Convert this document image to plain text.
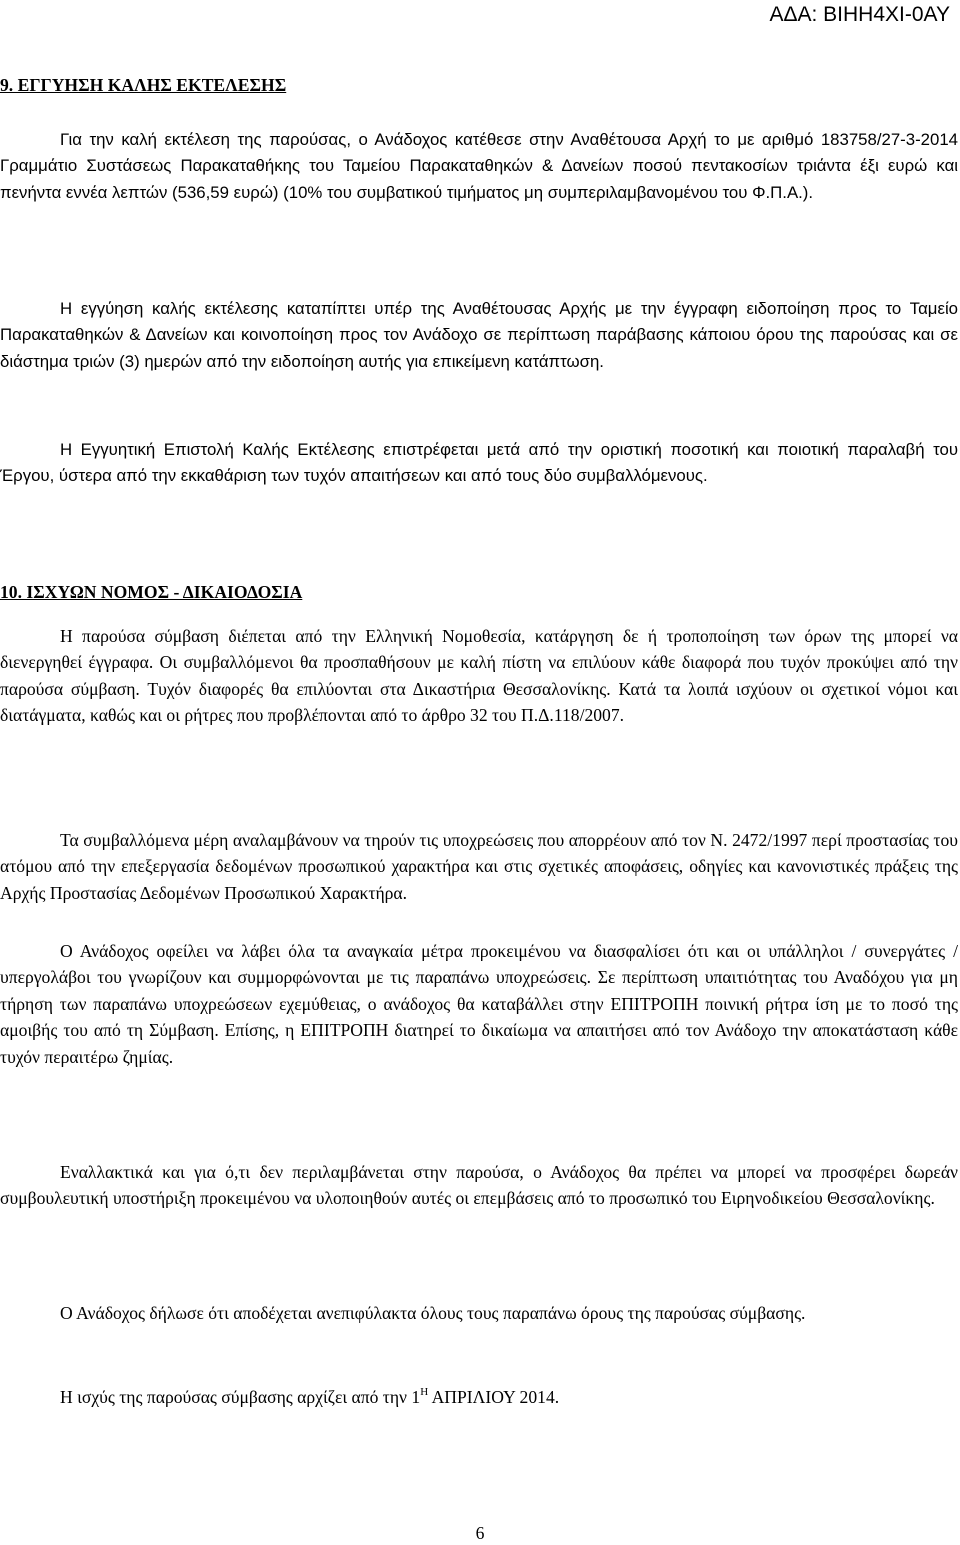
ΑΔΑ: ΒΙΗΗ4ΧΙ-0ΑΥ
9. ΕΓΓΥΗΣΗ ΚΑΛΗΣ ΕΚΤΕΛΕΣΗΣ

Για την καλή εκτέλεση της παρούσας, ο Ανάδοχος κατέθεσε στην Αναθέτουσα Αρχή το με αριθμό 183758/27-3-2014 Γραμμάτιο Συστάσεως Παρακαταθήκης του Ταμείου Παρακαταθηκών & Δανείων ποσού πεντακοσίων τριάντα έξι ευρώ και πενήντα εννέα λεπτών (536,59 ευρώ) (10% του συμβατικού τιμήματος μη συμπεριλαμβανομένου του Φ.Π.Α.).

Η εγγύηση καλής εκτέλεσης καταπίπτει υπέρ της Αναθέτουσας Αρχής με την έγγραφη ειδοποίηση προς το Ταμείο Παρακαταθηκών & Δανείων και κοινοποίηση προς τον Ανάδοχο σε περίπτωση παράβασης κάποιου όρου της παρούσας και σε διάστημα τριών (3) ημερών από την ειδοποίηση αυτής για επικείμενη κατάπτωση.

Η Εγγυητική Επιστολή Καλής Εκτέλεσης επιστρέφεται μετά από την οριστική ποσοτική και ποιοτική παραλαβή του Έργου, ύστερα από την εκκαθάριση των τυχόν απαιτήσεων και από τους δύο συμβαλλόμενους.

10. ΙΣΧΥΩΝ ΝΟΜΟΣ - ΔΙΚΑΙΟΔΟΣΙΑ

Η παρούσα σύμβαση διέπεται από την Ελληνική Νομοθεσία, κατάργηση δε ή τροποποίηση των όρων της μπορεί να διενεργηθεί έγγραφα. Οι συμβαλλόμενοι θα προσπαθήσουν με καλή πίστη να επιλύουν κάθε διαφορά που τυχόν προκύψει από την παρούσα σύμβαση. Τυχόν διαφορές θα επιλύονται στα Δικαστήρια Θεσσαλονίκης. Κατά τα λοιπά ισχύουν οι σχετικοί νόμοι και διατάγματα, καθώς και οι ρήτρες που προβλέπονται από το άρθρο 32 του Π.Δ.118/2007.

Τα συμβαλλόμενα μέρη αναλαμβάνουν να τηρούν τις υποχρεώσεις που απορρέουν από τον Ν. 2472/1997 περί προστασίας του ατόμου από την επεξεργασία δεδομένων προσωπικού χαρακτήρα και στις σχετικές αποφάσεις, οδηγίες και κανονιστικές πράξεις της Αρχής Προστασίας Δεδομένων Προσωπικού Χαρακτήρα.

Ο Ανάδοχος οφείλει να λάβει όλα τα αναγκαία μέτρα προκειμένου να διασφαλίσει ότι και οι υπάλληλοι / συνεργάτες / υπεργολάβοι του γνωρίζουν και συμμορφώνονται με τις παραπάνω υποχρεώσεις. Σε περίπτωση υπαιτιότητας του Αναδόχου για μη τήρηση των παραπάνω υποχρεώσεων εχεμύθειας, ο ανάδοχος θα καταβάλλει στην ΕΠΙΤΡΟΠΗ ποινική ρήτρα ίση με το ποσό της αμοιβής του από τη Σύμβαση. Επίσης, η ΕΠΙΤΡΟΠΗ διατηρεί το δικαίωμα να απαιτήσει από τον Ανάδοχο την αποκατάσταση κάθε τυχόν περαιτέρω ζημίας.

Εναλλακτικά και για ό,τι δεν περιλαμβάνεται στην παρούσα, ο Ανάδοχος θα πρέπει να μπορεί να προσφέρει δωρεάν συμβουλευτική υποστήριξη προκειμένου να υλοποιηθούν αυτές οι επεμβάσεις από το προσωπικό του Ειρηνοδικείου Θεσσαλονίκης.

Ο Ανάδοχος δήλωσε ότι αποδέχεται ανεπιφύλακτα όλους τους παραπάνω όρους της παρούσας σύμβασης.

Η ισχύς της παρούσας σύμβασης αρχίζει από την $1^H$ ΑΠΡΙΛΙΟΥ 2014.

6
